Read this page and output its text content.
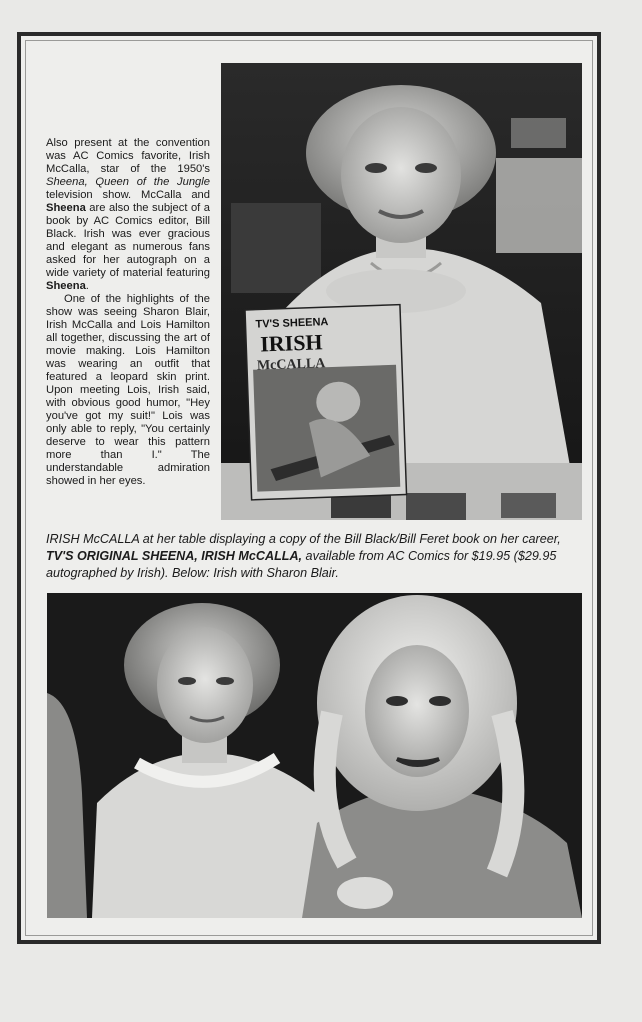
Also present at the convention was AC Comics favorite, Irish McCalla, star of the 1950's Sheena, Queen of the Jungle television show. McCalla and Sheena are also the subject of a book by AC Comics editor, Bill Black. Irish was ever gracious and elegant as numerous fans asked for her autograph on a wide variety of material featuring Sheena.

One of the highlights of the show was seeing Sharon Blair, Irish McCalla and Lois Hamilton all together, discussing the art of movie making. Lois Hamilton was wearing an outfit that featured a leopard skin print. Upon meeting Lois, Irish said, with obvious good humor, "Hey you've got my suit!" Lois was only able to reply, "You certainly deserve to wear this pattern more than I." The understandable admiration showed in her eyes.

TV'S SHEENA
IRISH
McCALLA
IRISH McCALLA at her table displaying a copy of the Bill Black/Bill Feret book on her career, TV'S ORIGINAL SHEENA, IRISH McCALLA, available from AC Comics for $19.95 ($29.95 autographed by Irish). Below: Irish with Sharon Blair.
